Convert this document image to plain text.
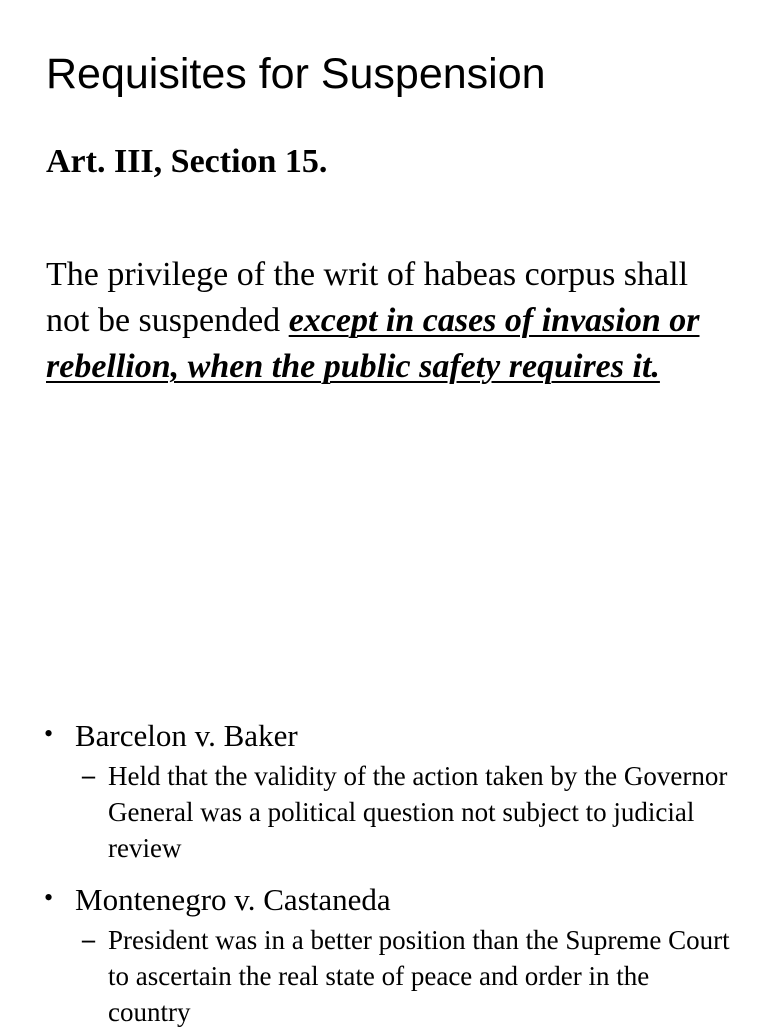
Requisites for Suspension
Art. III, Section 15.

The privilege of the writ of habeas corpus shall not be suspended except in cases of invasion or rebellion, when the public safety requires it.

• Barcelon v. Baker
– Held that the validity of the action taken by the Governor General was a political question not subject to judicial review
• Montenegro v. Castaneda
– President was in a better position than the Supreme Court to ascertain the real state of peace and order in the country
